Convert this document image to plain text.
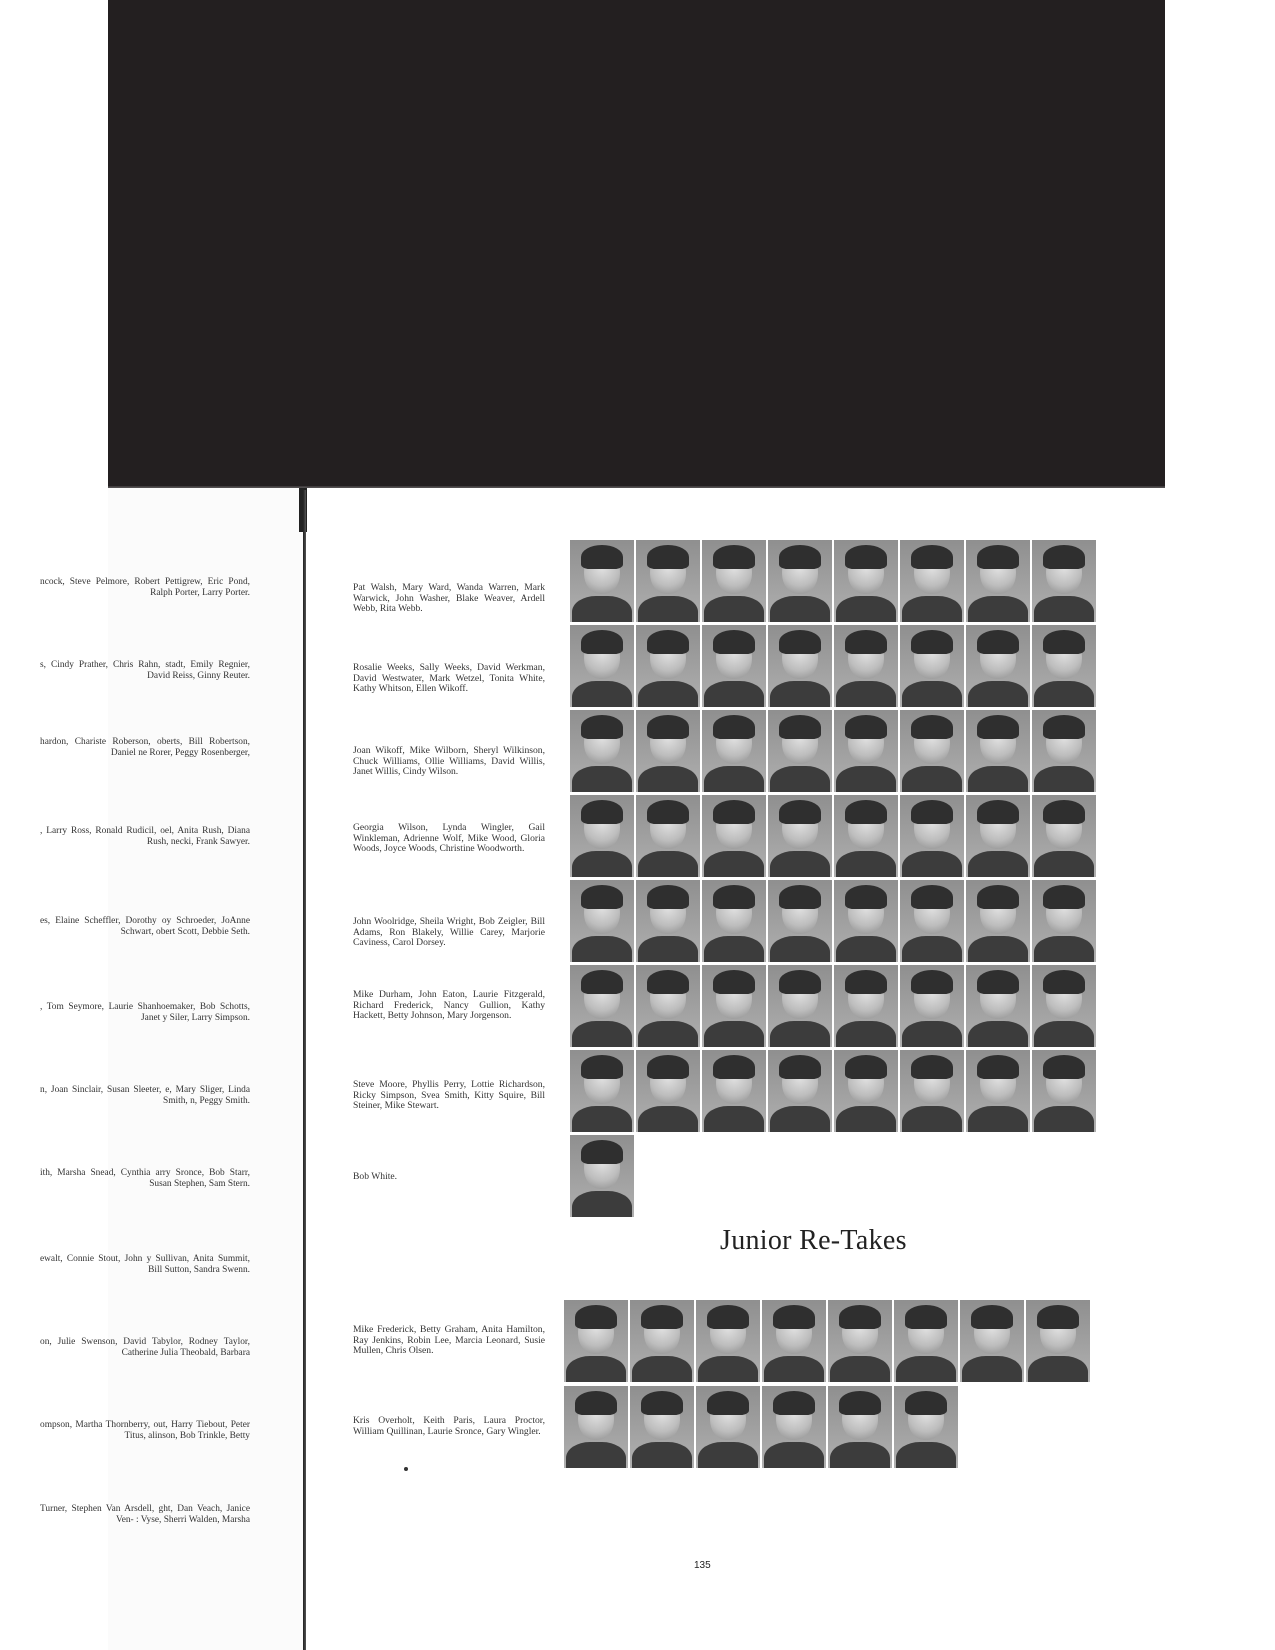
ncock, Steve Pelmore, Robert Pettigrew, Eric Pond, Ralph Porter, Larry Porter.
s, Cindy Prather, Chris Rahn, stadt, Emily Regnier, David Reiss, Ginny Reuter.
hardon, Chariste Roberson, oberts, Bill Robertson, Daniel ne Rorer, Peggy Rosenberger,
, Larry Ross, Ronald Rudicil, oel, Anita Rush, Diana Rush, necki, Frank Sawyer.
es, Elaine Scheffler, Dorothy oy Schroeder, JoAnne Schwart, obert Scott, Debbie Seth.
, Tom Seymore, Laurie Shanhoemaker, Bob Schotts, Janet y Siler, Larry Simpson.
n, Joan Sinclair, Susan Sleeter, e, Mary Sliger, Linda Smith, n, Peggy Smith.
ith, Marsha Snead, Cynthia arry Sronce, Bob Starr, Susan Stephen, Sam Stern.
ewalt, Connie Stout, John y Sullivan, Anita Summit, Bill Sutton, Sandra Swenn.
on, Julie Swenson, David Tabylor, Rodney Taylor, Catherine Julia Theobald, Barbara
ompson, Martha Thornberry, out, Harry Tiebout, Peter Titus, alinson, Bob Trinkle, Betty
Turner, Stephen Van Arsdell, ght, Dan Veach, Janice Ven- : Vyse, Sherri Walden, Marsha
Pat Walsh, Mary Ward, Wanda Warren, Mark Warwick, John Washer, Blake Weaver, Ardell Webb, Rita Webb.
Rosalie Weeks, Sally Weeks, David Werkman, David Westwater, Mark Wetzel, Tonita White, Kathy Whitson, Ellen Wikoff.
Joan Wikoff, Mike Wilborn, Sheryl Wilkinson, Chuck Williams, Ollie Williams, David Willis, Janet Willis, Cindy Wilson.
Georgia Wilson, Lynda Wingler, Gail Winkleman, Adrienne Wolf, Mike Wood, Gloria Woods, Joyce Woods, Christine Woodworth.
John Woolridge, Sheila Wright, Bob Zeigler, Bill Adams, Ron Blakely, Willie Carey, Marjorie Caviness, Carol Dorsey.
Mike Durham, John Eaton, Laurie Fitzgerald, Richard Frederick, Nancy Gullion, Kathy Hackett, Betty Johnson, Mary Jorgenson.
Steve Moore, Phyllis Perry, Lottie Richardson, Ricky Simpson, Svea Smith, Kitty Squire, Bill Steiner, Mike Stewart.
Bob White.
Mike Frederick, Betty Graham, Anita Hamilton, Ray Jenkins, Robin Lee, Marcia Leonard, Susie Mullen, Chris Olsen.
Kris Overholt, Keith Paris, Laura Proctor, William Quillinan, Laurie Sronce, Gary Wingler.
Junior Re-Takes
135
